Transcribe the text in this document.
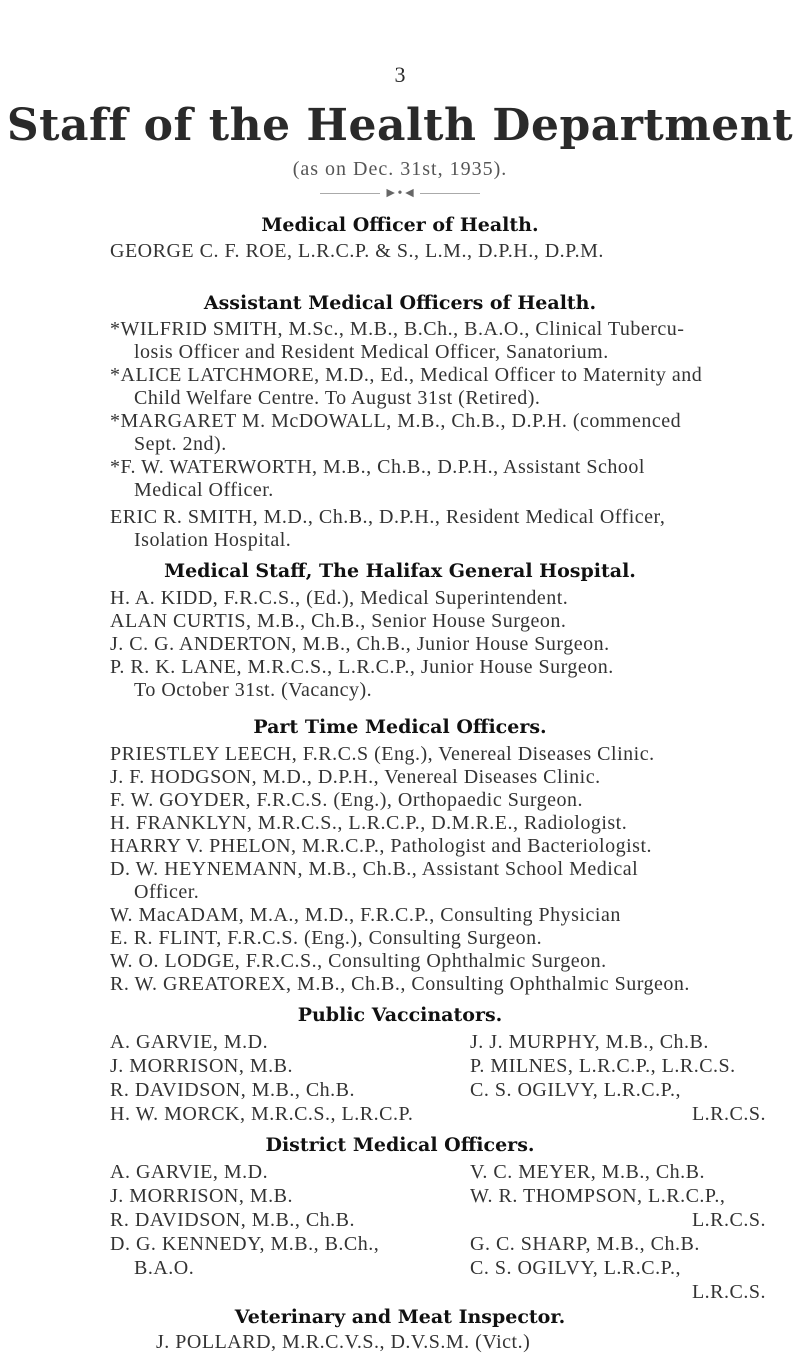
3
Staff of the Health Department
(as on Dec. 31st, 1935).
►•◄
Medical Officer of Health.
GEORGE C. F. ROE, L.R.C.P. & S., L.M., D.P.H., D.P.M.
Assistant Medical Officers of Health.
*WILFRID SMITH, M.Sc., M.B., B.Ch., B.A.O., Clinical Tubercu-
losis Officer and Resident Medical Officer, Sanatorium.
*ALICE LATCHMORE, M.D., Ed., Medical Officer to Maternity and
Child Welfare Centre. To August 31st (Retired).
*MARGARET M. McDOWALL, M.B., Ch.B., D.P.H. (commenced
Sept. 2nd).
*F. W. WATERWORTH, M.B., Ch.B., D.P.H., Assistant School
Medical Officer.
ERIC R. SMITH, M.D., Ch.B., D.P.H., Resident Medical Officer,
Isolation Hospital.
Medical Staff, The Halifax General Hospital.
H. A. KIDD, F.R.C.S., (Ed.), Medical Superintendent.
ALAN CURTIS, M.B., Ch.B., Senior House Surgeon.
J. C. G. ANDERTON, M.B., Ch.B., Junior House Surgeon.
P. R. K. LANE, M.R.C.S., L.R.C.P., Junior House Surgeon.
To October 31st. (Vacancy).
Part Time Medical Officers.
PRIESTLEY LEECH, F.R.C.S (Eng.), Venereal Diseases Clinic.
J. F. HODGSON, M.D., D.P.H., Venereal Diseases Clinic.
F. W. GOYDER, F.R.C.S. (Eng.), Orthopaedic Surgeon.
H. FRANKLYN, M.R.C.S., L.R.C.P., D.M.R.E., Radiologist.
HARRY V. PHELON, M.R.C.P., Pathologist and Bacteriologist.
D. W. HEYNEMANN, M.B., Ch.B., Assistant School Medical
Officer.
W. MacADAM, M.A., M.D., F.R.C.P., Consulting Physician
E. R. FLINT, F.R.C.S. (Eng.), Consulting Surgeon.
W. O. LODGE, F.R.C.S., Consulting Ophthalmic Surgeon.
R. W. GREATOREX, M.B., Ch.B., Consulting Ophthalmic Surgeon.
Public Vaccinators.
A. GARVIE, M.D.
J. MORRISON, M.B.
R. DAVIDSON, M.B., Ch.B.
H. W. MORCK, M.R.C.S., L.R.C.P.
J. J. MURPHY, M.B., Ch.B.
P. MILNES, L.R.C.P., L.R.C.S.
C. S. OGILVY, L.R.C.P.,
L.R.C.S.
District Medical Officers.
A. GARVIE, M.D.
J. MORRISON, M.B.
R. DAVIDSON, M.B., Ch.B.
D. G. KENNEDY, M.B., B.Ch.,
B.A.O.
V. C. MEYER, M.B., Ch.B.
W. R. THOMPSON, L.R.C.P.,
L.R.C.S.
G. C. SHARP, M.B., Ch.B.
C. S. OGILVY, L.R.C.P.,
L.R.C.S.
Veterinary and Meat Inspector.
J. POLLARD, M.R.C.V.S., D.V.S.M. (Vict.)
